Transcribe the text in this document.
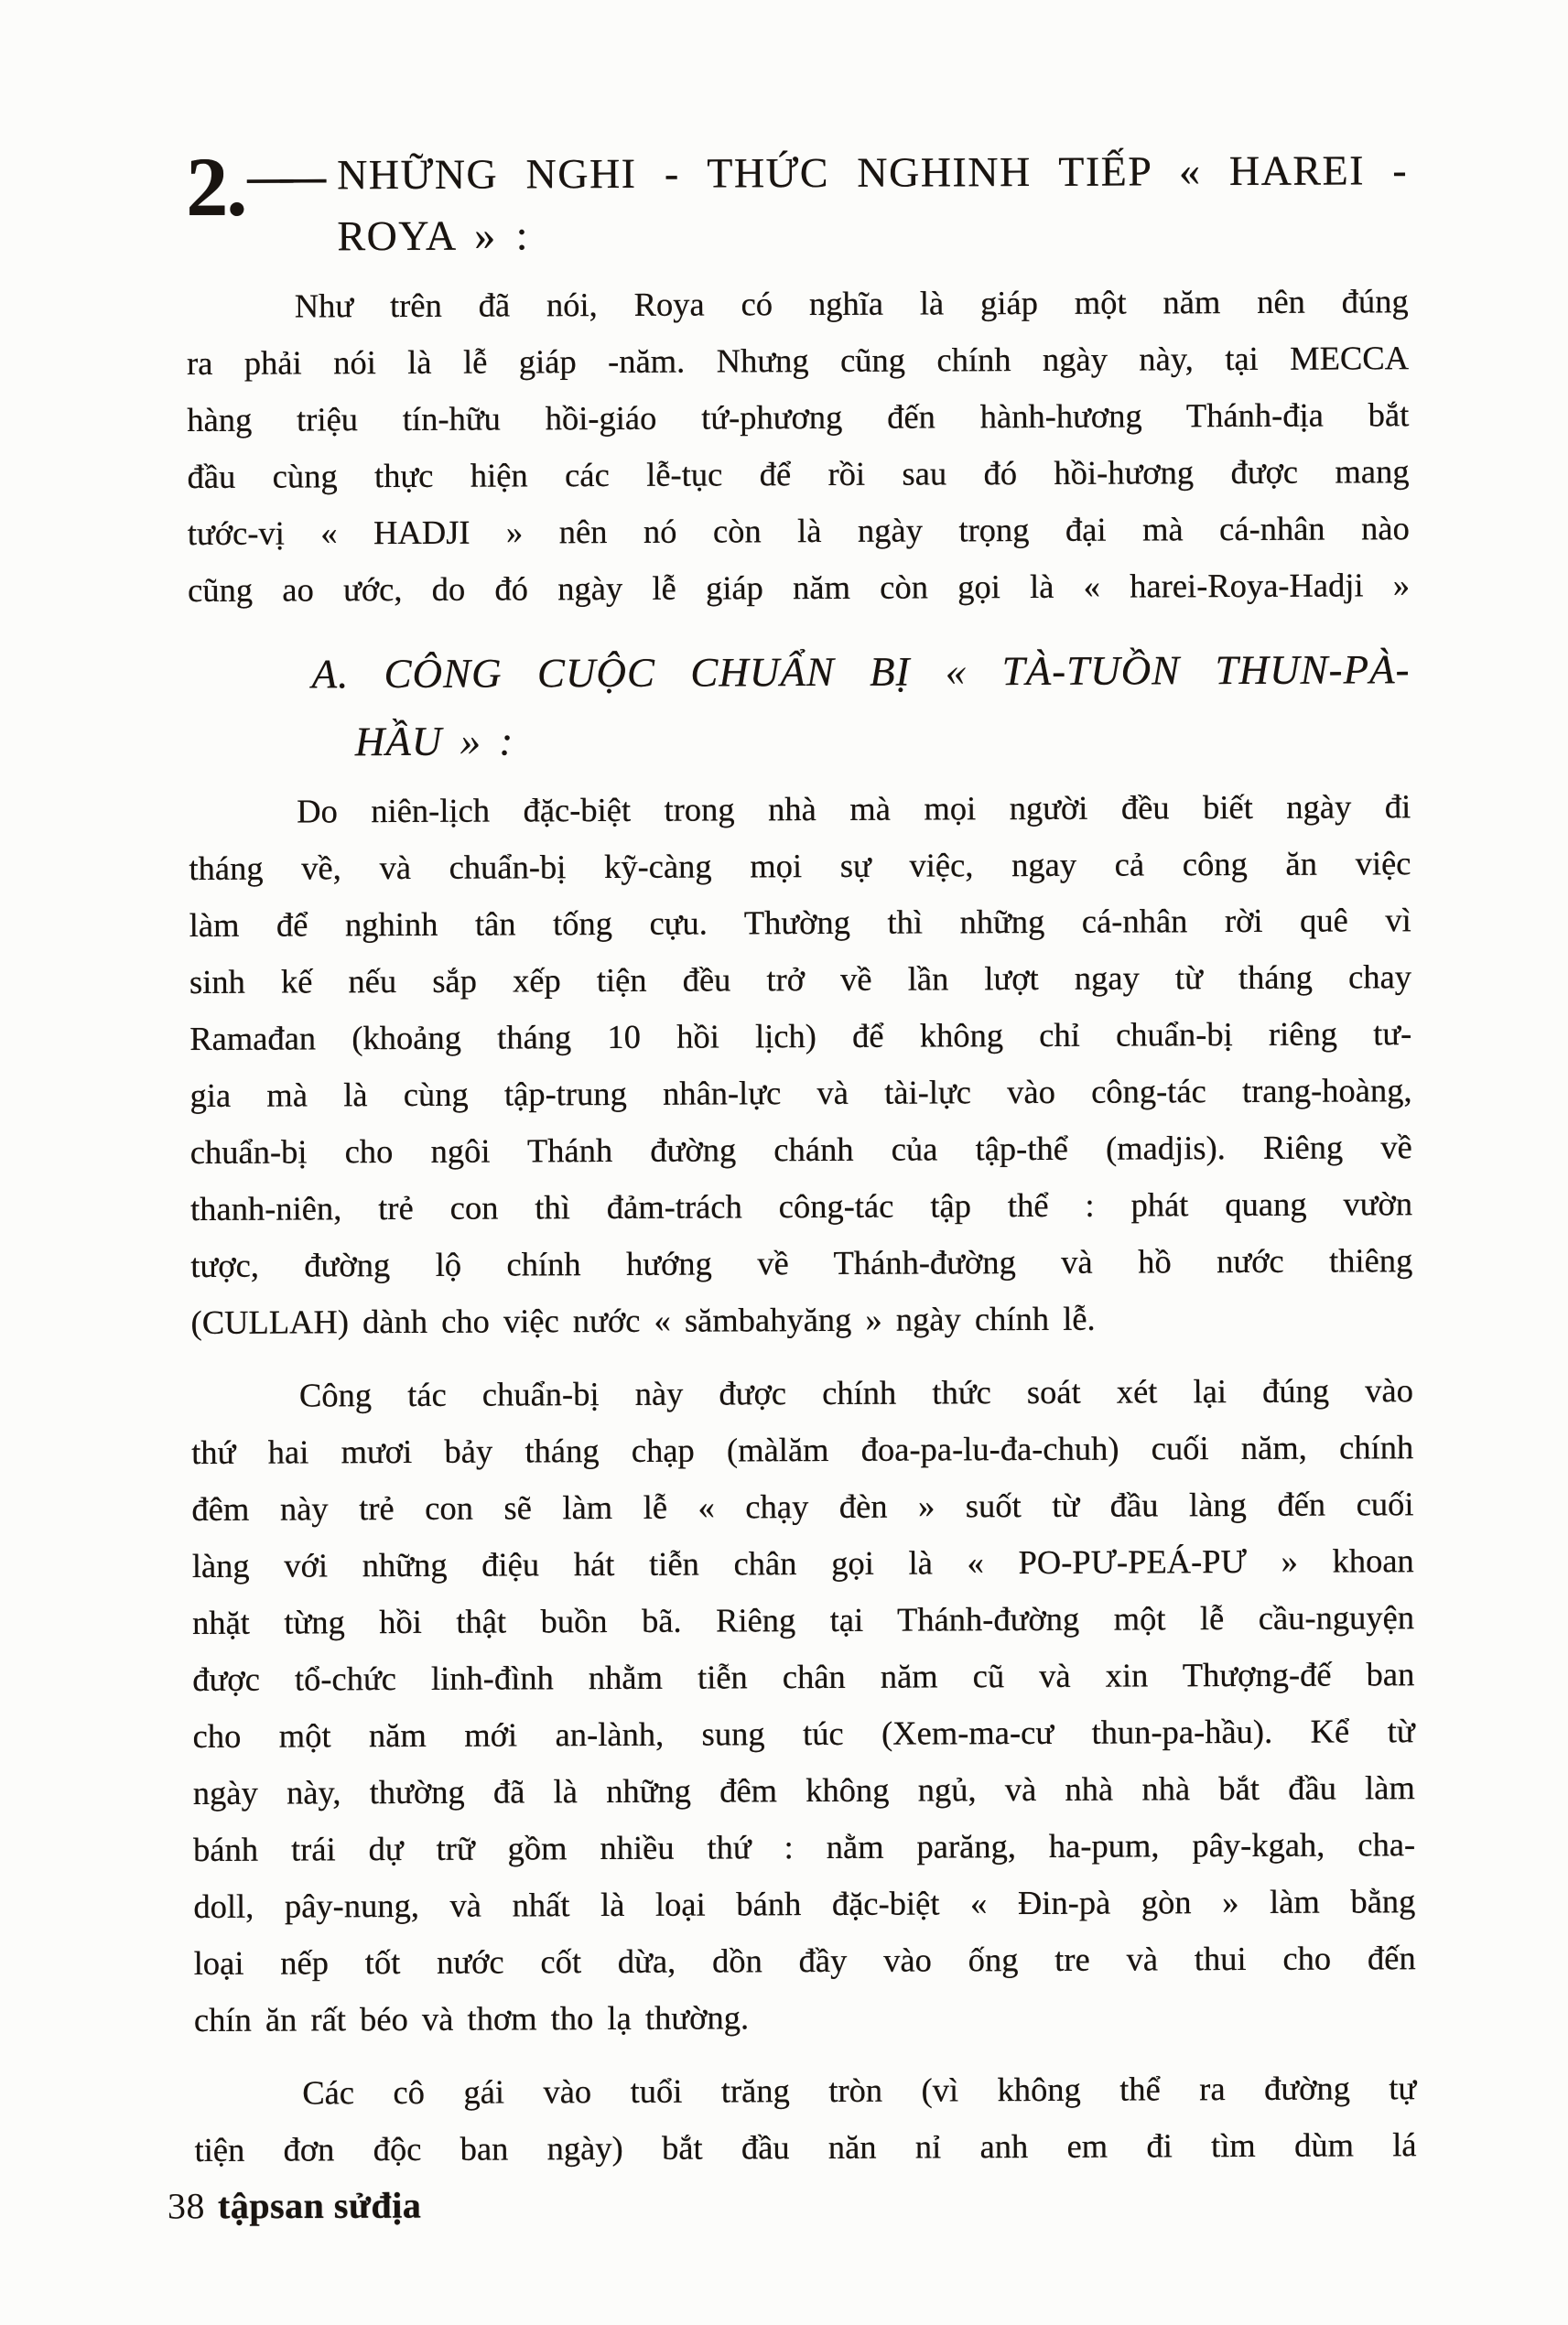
2. —— NHỮNG NGHI - THỨC NGHINH TIẾP « HAREI -
ROYA » :
Như trên đã nói, Roya có nghĩa là giáp một năm nên đúng
ra phải nói là lễ giáp -năm. Nhưng cũng chính ngày này, tại MECCA
hàng triệu tín-hữu hồi-giáo tứ-phương đến hành-hương Thánh-địa bắt
đầu cùng thực hiện các lễ-tục để rồi sau đó hồi-hương được mang
tước-vị « HADJI » nên nó còn là ngày trọng đại mà cá-nhân nào
cũng ao ước, do đó ngày lễ giáp năm còn gọi là « harei-Roya-Hadji »
A. CÔNG CUỘC CHUẨN BỊ « TÀ-TUỒN THUN-PÀ-
HẦU » :
Do niên-lịch đặc-biệt trong nhà mà mọi người đều biết ngày đi
tháng về, và chuẩn-bị kỹ-càng mọi sự việc, ngay cả công ăn việc
làm để nghinh tân tống cựu. Thường thì những cá-nhân rời quê vì
sinh kế nếu sắp xếp tiện đều trở về lần lượt ngay từ tháng chay
Ramađan (khoảng tháng 10 hồi lịch) để không chỉ chuẩn-bị riêng tư-
gia mà là cùng tập-trung nhân-lực và tài-lực vào công-tác trang-hoàng,
chuẩn-bị cho ngôi Thánh đường chánh của tập-thể (madjis). Riêng về
thanh-niên, trẻ con thì đảm-trách công-tác tập thể : phát quang vườn
tược, đường lộ chính hướng về Thánh-đường và hồ nước thiêng
(CULLAH) dành cho việc nước « sămbahyăng » ngày chính lễ.
Công tác chuẩn-bị này được chính thức soát xét lại đúng vào
thứ hai mươi bảy tháng chạp (màlăm đoa-pa-lu-đa-chuh) cuối năm, chính
đêm này trẻ con sẽ làm lễ « chạy đèn » suốt từ đầu làng đến cuối
làng với những điệu hát tiễn chân gọi là « PO-PƯ-PEÁ-PƯ » khoan
nhặt từng hồi thật buồn bã. Riêng tại Thánh-đường một lễ cầu-nguyện
được tổ-chức linh-đình nhằm tiễn chân năm cũ và xin Thượng-đế ban
cho một năm mới an-lành, sung túc (Xem-ma-cư thun-pa-hầu). Kể từ
ngày này, thường đã là những đêm không ngủ, và nhà nhà bắt đầu làm
bánh trái dự trữ gồm nhiều thứ : nằm parăng, ha-pum, pây-kgah, cha-
doll, pây-nung, và nhất là loại bánh đặc-biệt « Đin-pà gòn » làm bằng
loại nếp tốt nước cốt dừa, dồn đầy vào ống tre và thui cho đến
chín ăn rất béo và thơm tho lạ thường.
Các cô gái vào tuổi trăng tròn (vì không thể ra đường tự
tiện đơn độc ban ngày) bắt đầu năn nỉ anh em đi tìm dùm lá
38 tậpsan sửđịa
